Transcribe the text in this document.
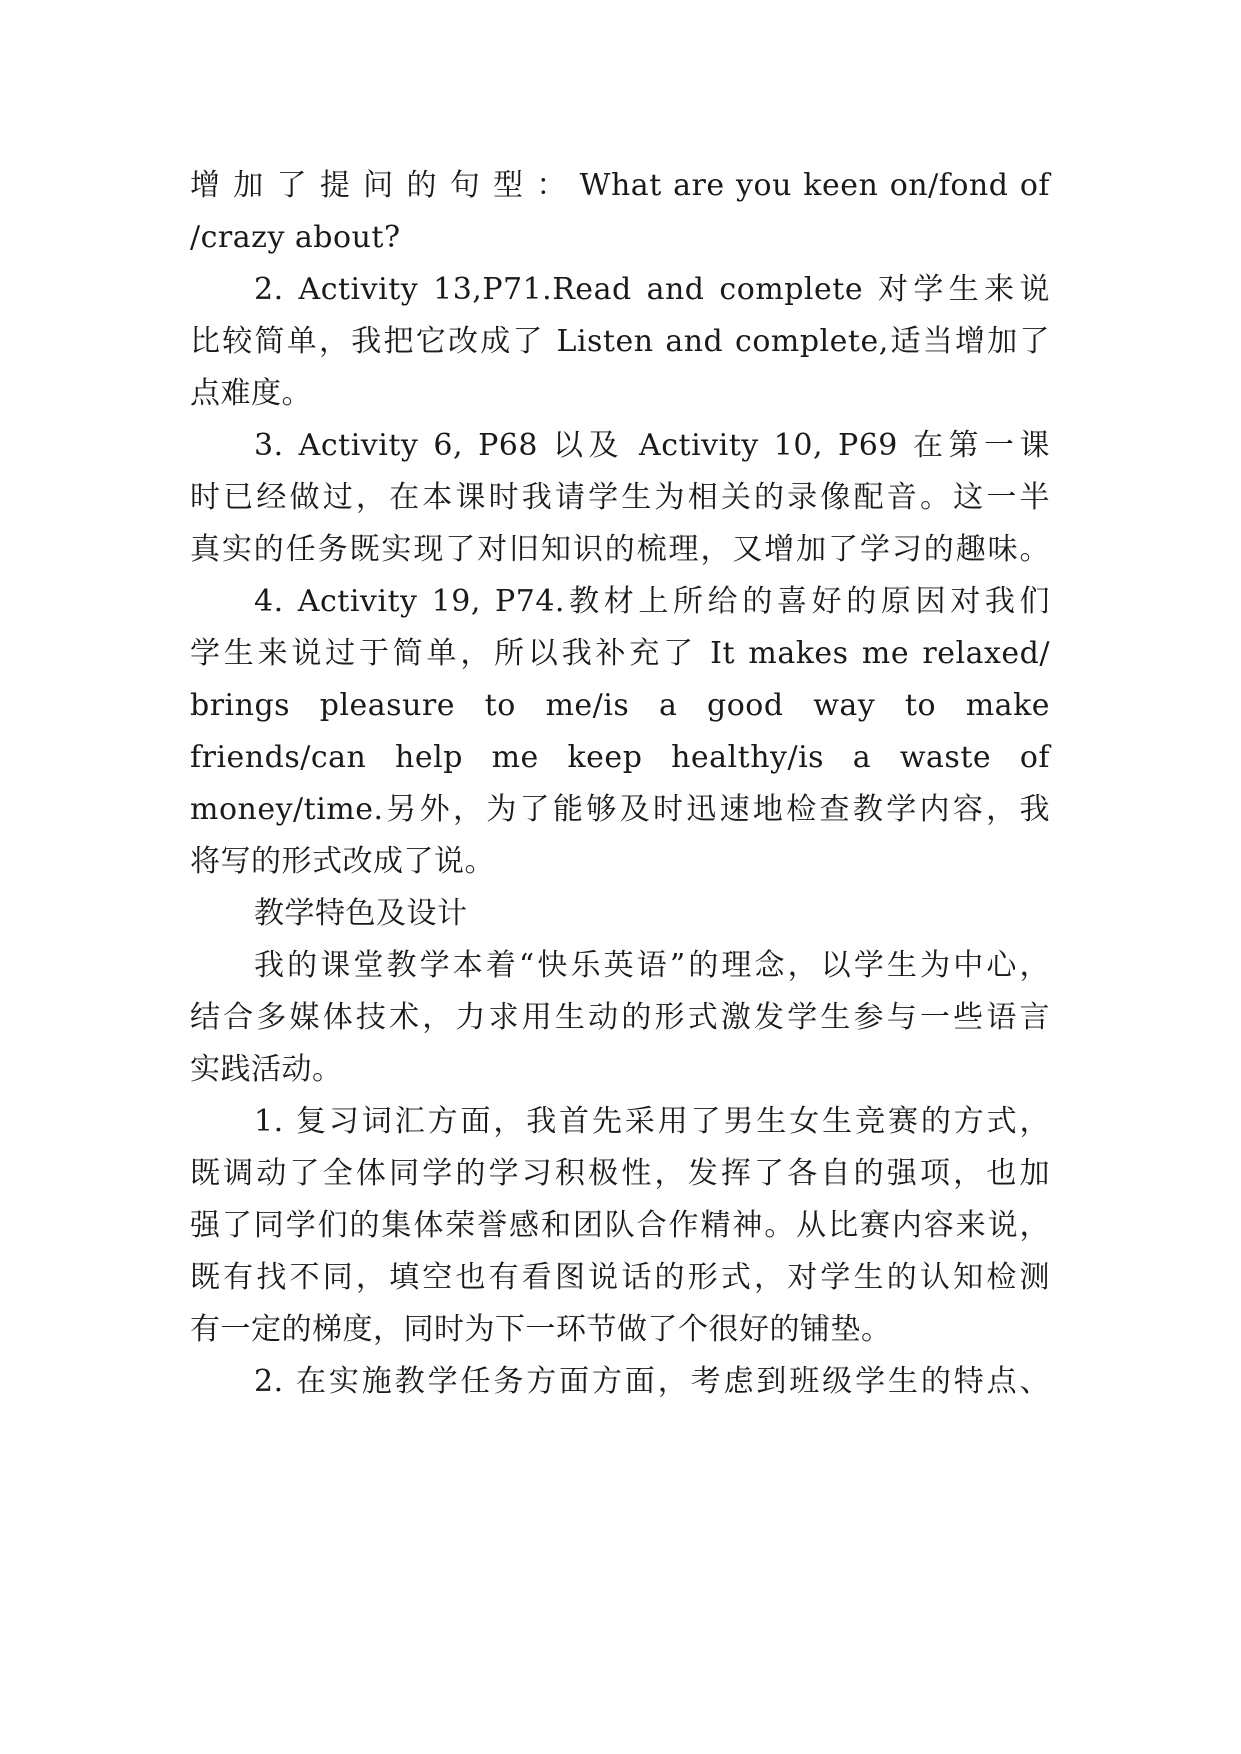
增 加 了 提 问 的 句 型 ： What are you keen on/fond of
/crazy about?
2. Activity 13,P71.Read and complete 对学生来说
比较简单，我把它改成了 Listen and complete,适当增加了
点难度。
3. Activity 6, P68 以及 Activity 10, P69 在第一课
时已经做过，在本课时我请学生为相关的录像配音。这一半
真实的任务既实现了对旧知识的梳理，又增加了学习的趣味。
4. Activity 19, P74.教材上所给的喜好的原因对我们
学生来说过于简单，所以我补充了 It makes me relaxed/
brings pleasure to me/is a good way to make
friends/can help me keep healthy/is a waste of
money/time.另外，为了能够及时迅速地检查教学内容，我
将写的形式改成了说。
教学特色及设计
我的课堂教学本着“快乐英语”的理念，以学生为中心，
结合多媒体技术，力求用生动的形式激发学生参与一些语言
实践活动。
1. 复习词汇方面，我首先采用了男生女生竞赛的方式，
既调动了全体同学的学习积极性，发挥了各自的强项，也加
强了同学们的集体荣誉感和团队合作精神。从比赛内容来说，
既有找不同，填空也有看图说话的形式，对学生的认知检测
有一定的梯度，同时为下一环节做了个很好的铺垫。
2. 在实施教学任务方面方面，考虑到班级学生的特点、
